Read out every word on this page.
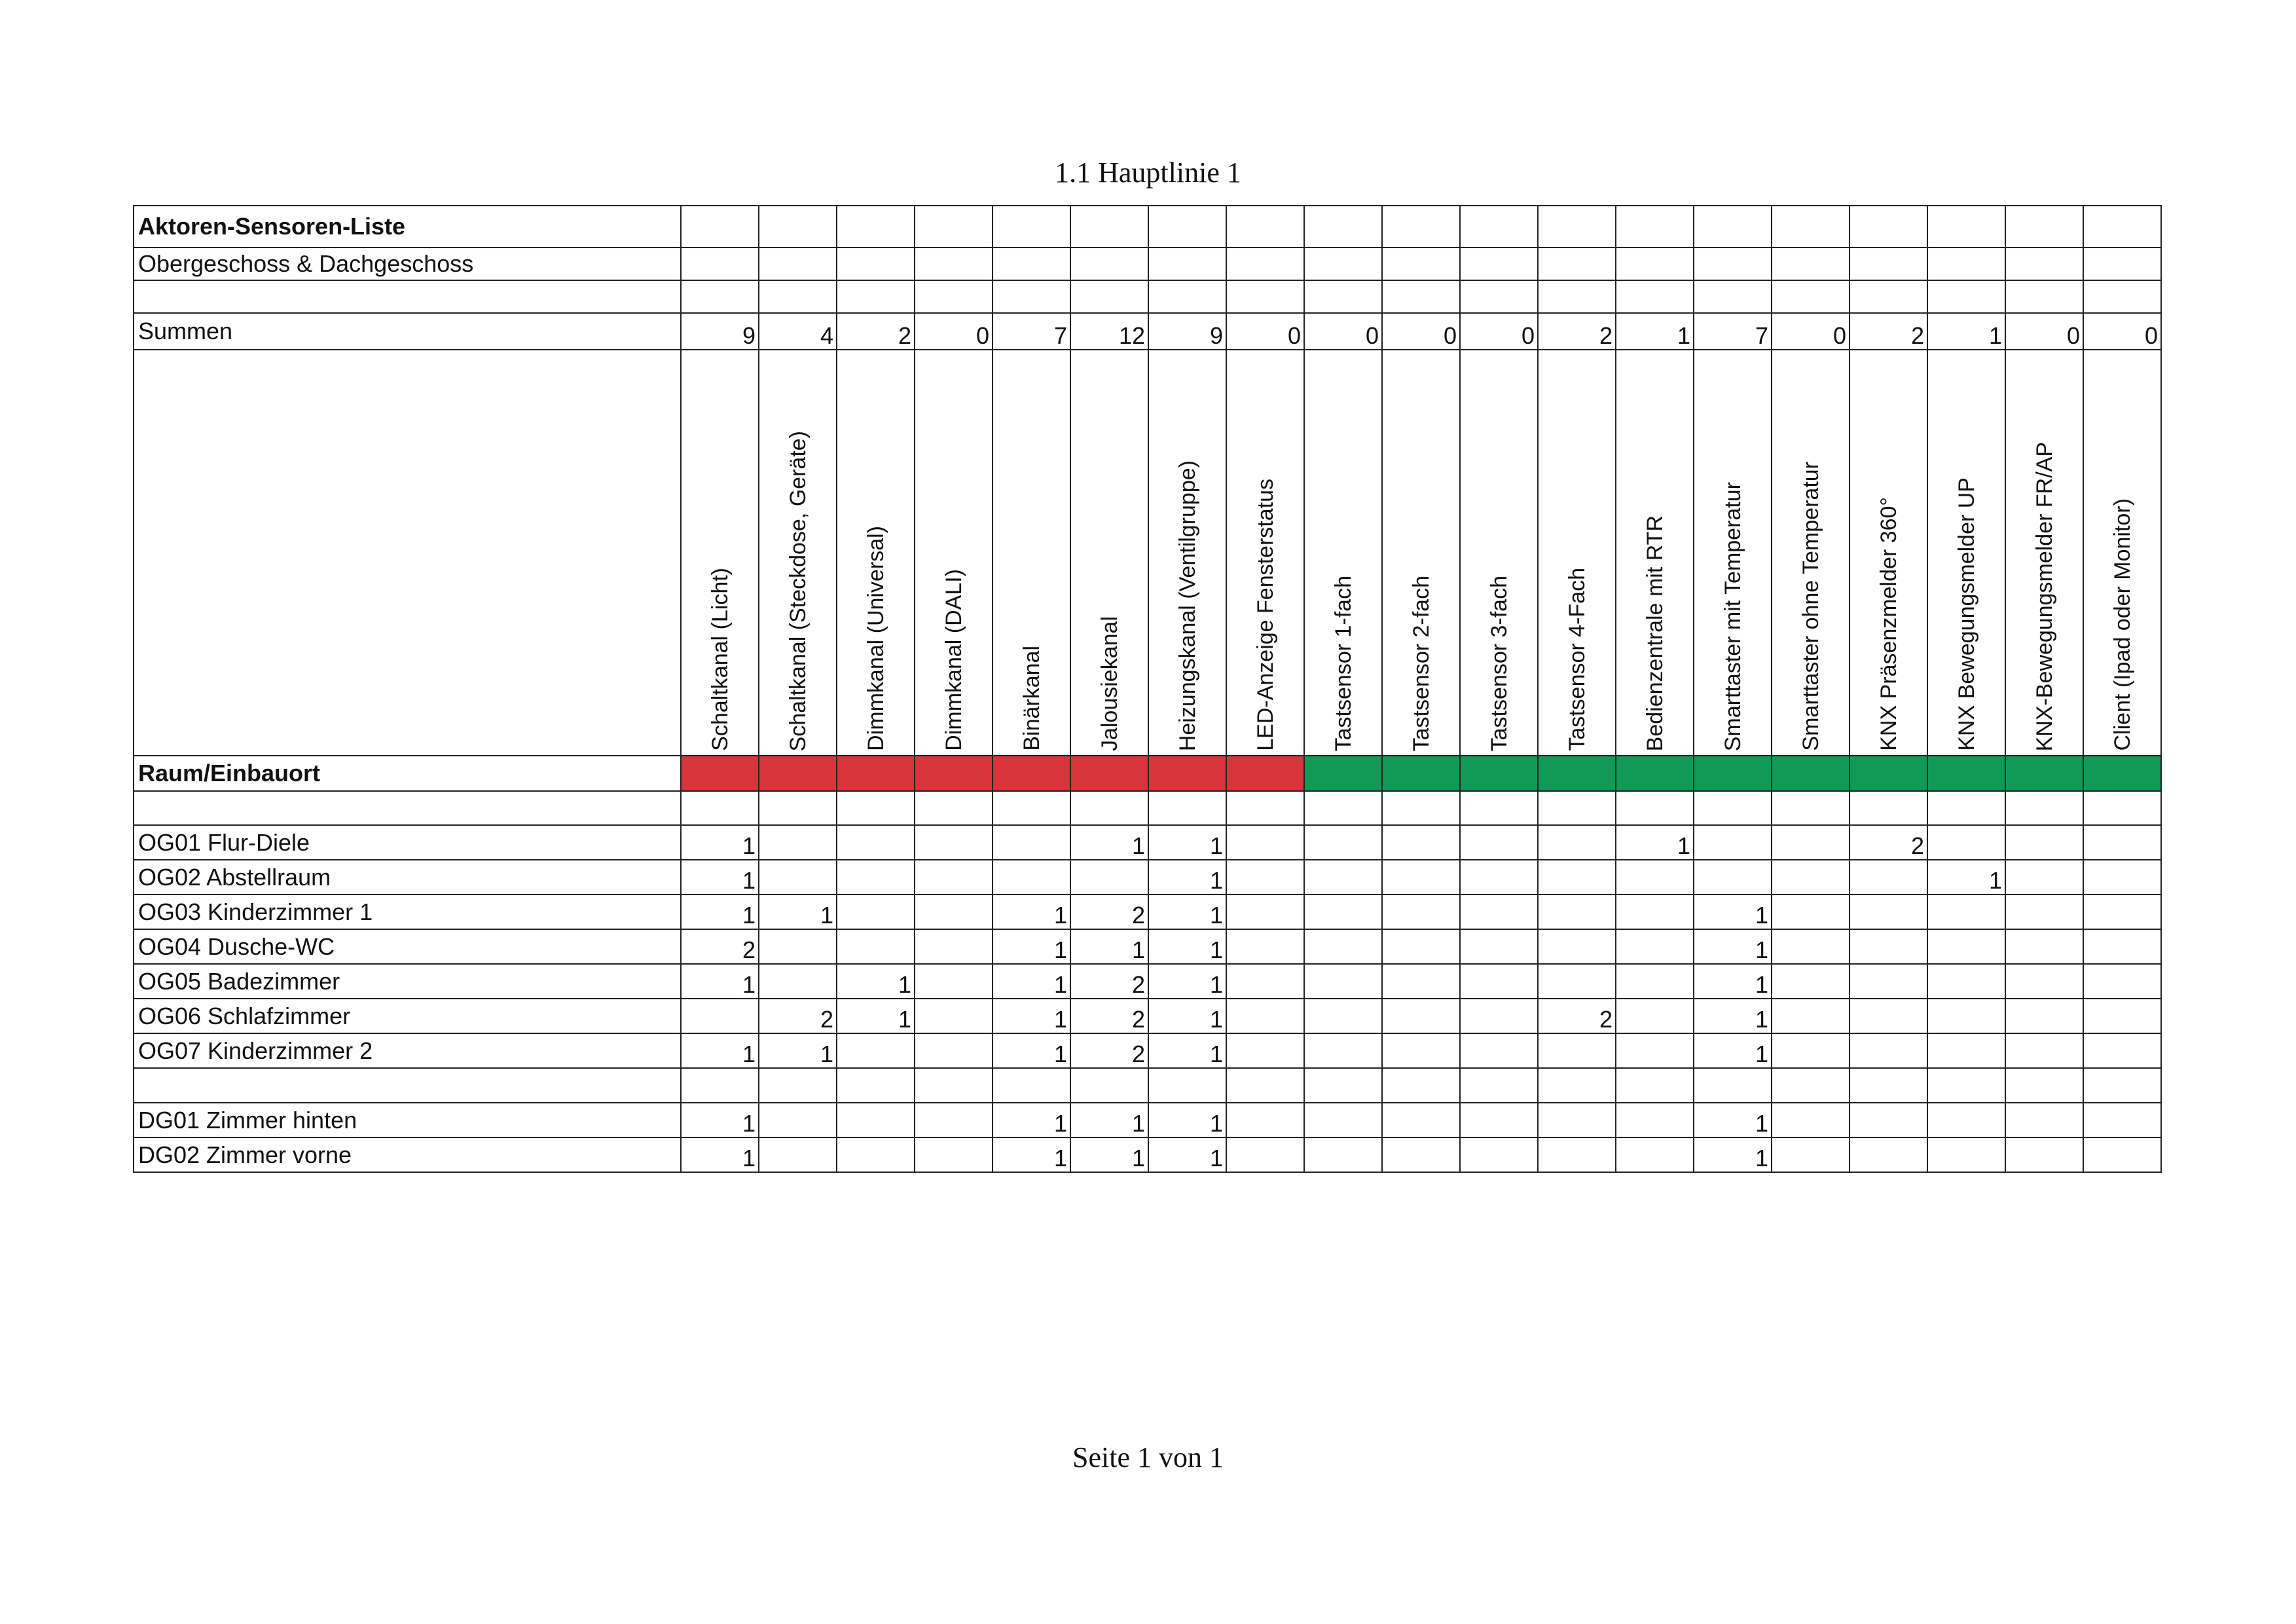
1.1 Hauptlinie 1
Aktoren-Sensoren-Liste																			
Obergeschoss & Dachgeschoss																			

Summen	9	4	2	0	7	12	9	0	0	0	0	2	1	7	0	2	1	0	0
	Schaltkanal (Licht)	Schaltkanal (Steckdose, Geräte)	Dimmkanal (Universal)	Dimmkanal (DALI)	Binärkanal	Jalousiekanal	Heizungskanal (Ventilgruppe)	LED-Anzeige Fensterstatus	Tastsensor 1-fach	Tastsensor 2-fach	Tastsensor 3-fach	Tastsensor 4-Fach	Bedienzentrale mit RTR	Smarttaster mit Temperatur	Smarttaster ohne Temperatur	KNX Präsenzmelder 360°	KNX Bewegungsmelder UP	KNX-Bewegungsmelder FR/AP	Client (Ipad oder Monitor)
Raum/Einbauort																			

OG01 Flur-Diele	1					1	1						1			2			
OG02 Abstellraum	1						1										1		
OG03 Kinderzimmer 1	1	1			1	2	1							1					
OG04 Dusche-WC	2				1	1	1							1					
OG05 Badezimmer	1		1		1	2	1							1					
OG06 Schlafzimmer		2	1		1	2	1					2		1					
OG07 Kinderzimmer 2	1	1			1	2	1							1					

DG01 Zimmer hinten	1				1	1	1							1					
DG02 Zimmer vorne	1				1	1	1							1					
Seite 1 von 1
